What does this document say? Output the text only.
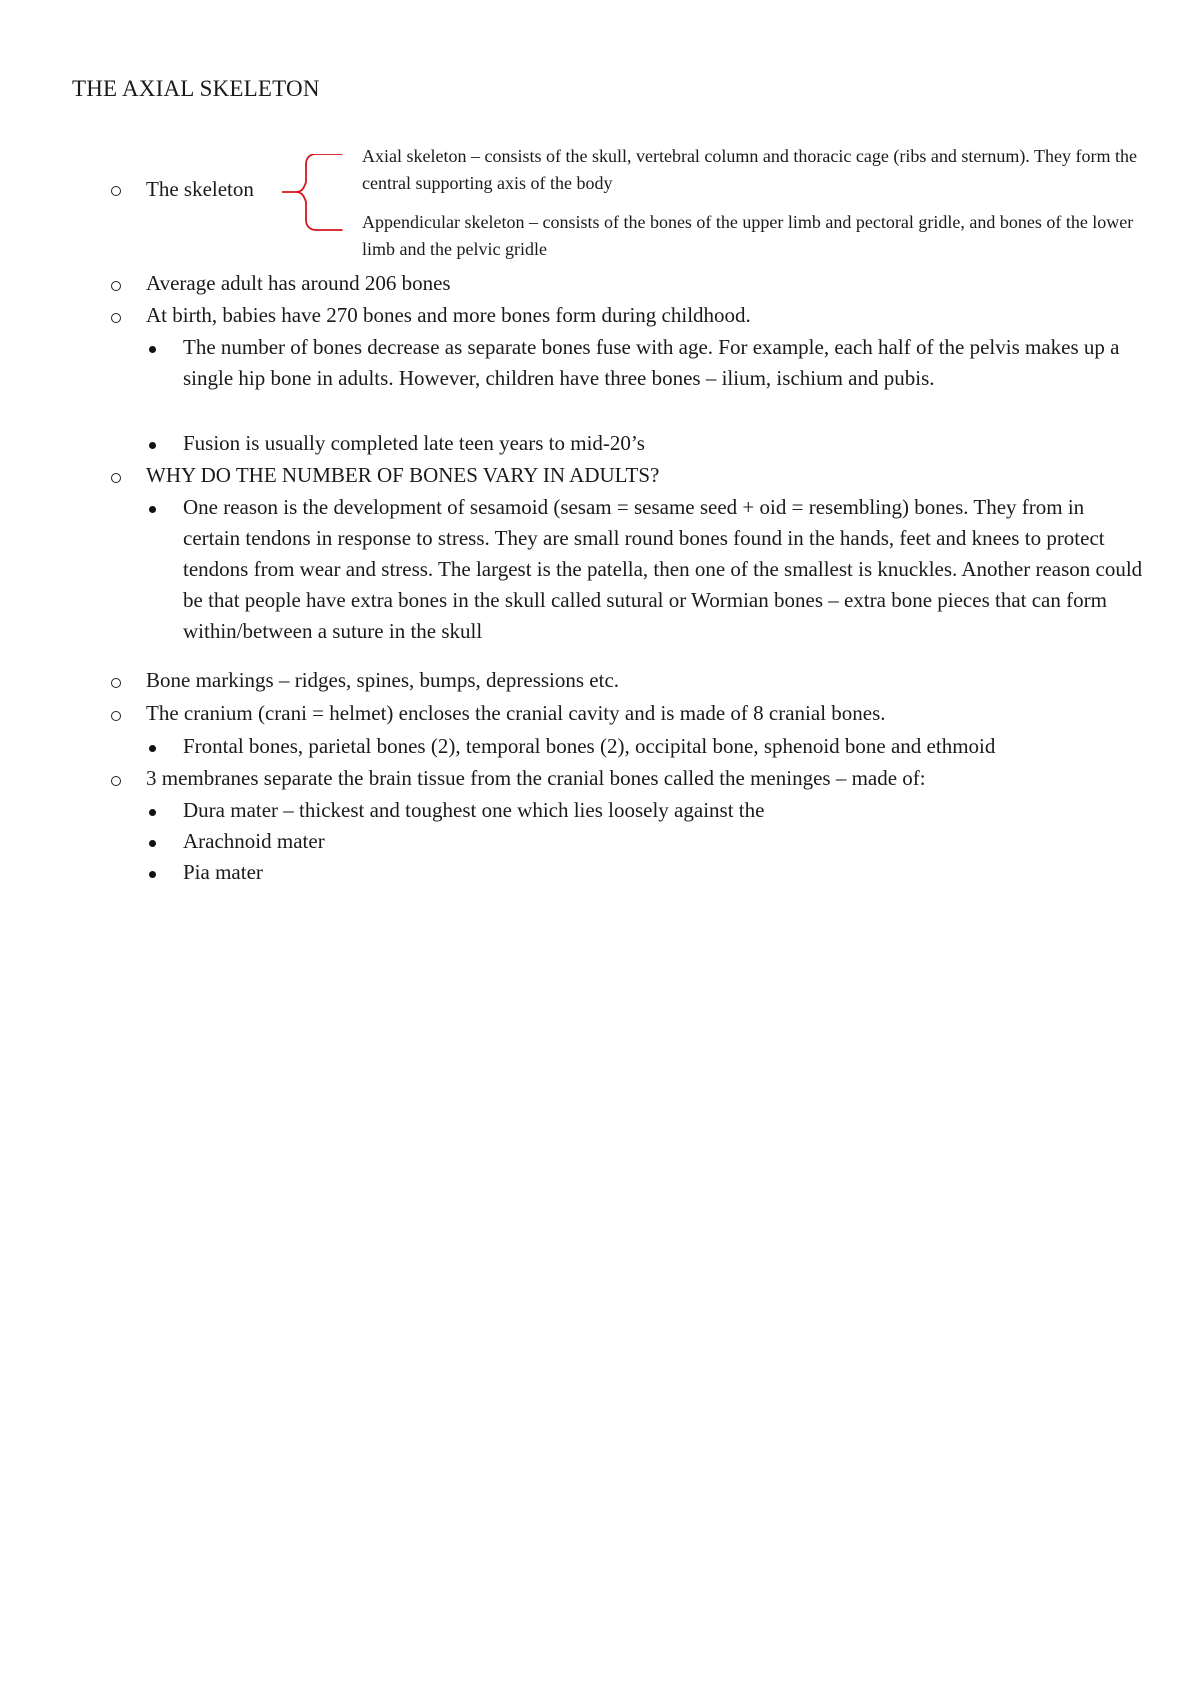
THE AXIAL SKELETON
The skeleton
Axial skeleton – consists of the skull, vertebral column and thoracic cage (ribs and sternum). They form the central supporting axis of the body
Appendicular skeleton – consists of the bones of the upper limb and pectoral gridle, and bones of the lower limb and the pelvic gridle
Average adult has around 206 bones
At birth, babies have 270 bones and more bones form during childhood.
The number of bones decrease as separate bones fuse with age. For example, each half of the pelvis makes up a single hip bone in adults. However, children have three bones – ilium, ischium and pubis.
Fusion is usually completed late teen years to mid-20’s
WHY DO THE NUMBER OF BONES VARY IN ADULTS?
One reason is the development of sesamoid (sesam = sesame seed + oid = resembling) bones. They from in certain tendons in response to stress. They are small round bones found in the hands, feet and knees to protect tendons from wear and stress. The largest is the patella, then one of the smallest is knuckles. Another reason could be that people have extra bones in the skull called sutural or Wormian bones – extra bone pieces that can form within/between a suture in the skull
Bone markings – ridges, spines, bumps, depressions etc.
The cranium (crani = helmet) encloses the cranial cavity and is made of 8 cranial bones.
Frontal bones, parietal bones (2), temporal bones (2), occipital bone, sphenoid bone and ethmoid
3 membranes separate the brain tissue from the cranial bones called the meninges – made of:
Dura mater – thickest and toughest one which lies loosely against the
Arachnoid mater
Pia mater
